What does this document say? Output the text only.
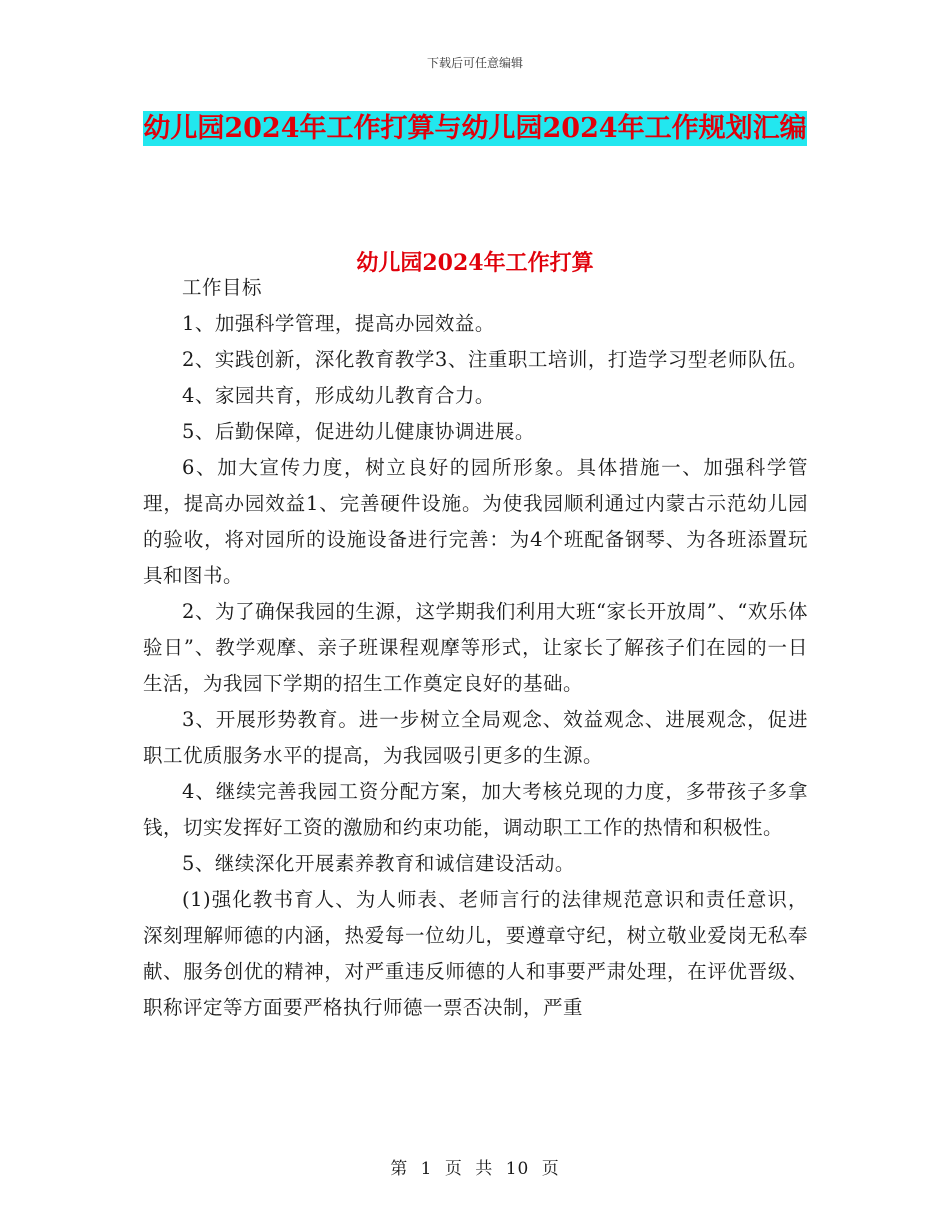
下载后可任意编辑
幼儿园2024年工作打算与幼儿园2024年工作规划汇编
幼儿园2024年工作打算

工作目标

1、加强科学管理，提高办园效益。

2、实践创新，深化教育教学3、注重职工培训，打造学习型老师队伍。

4、家园共育，形成幼儿教育合力。

5、后勤保障，促进幼儿健康协调进展。

6、加大宣传力度，树立良好的园所形象。具体措施一、加强科学管理，提高办园效益1、完善硬件设施。为使我园顺利通过内蒙古示范幼儿园的验收，将对园所的设施设备进行完善：为4个班配备钢琴、为各班添置玩具和图书。

2、为了确保我园的生源，这学期我们利用大班“家长开放周”、“欢乐体验日”、教学观摩、亲子班课程观摩等形式，让家长了解孩子们在园的一日生活，为我园下学期的招生工作奠定良好的基础。

3、开展形势教育。进一步树立全局观念、效益观念、进展观念，促进职工优质服务水平的提高，为我园吸引更多的生源。

4、继续完善我园工资分配方案，加大考核兑现的力度，多带孩子多拿钱，切实发挥好工资的激励和约束功能，调动职工工作的热情和积极性。

5、继续深化开展素养教育和诚信建设活动。

(1)强化教书育人、为人师表、老师言行的法律规范意识和责任意识，深刻理解师德的内涵，热爱每一位幼儿，要遵章守纪，树立敬业爱岗无私奉献、服务创优的精神，对严重违反师德的人和事要严肃处理，在评优晋级、职称评定等方面要严格执行师德一票否决制，严重

第 1 页 共 10 页
